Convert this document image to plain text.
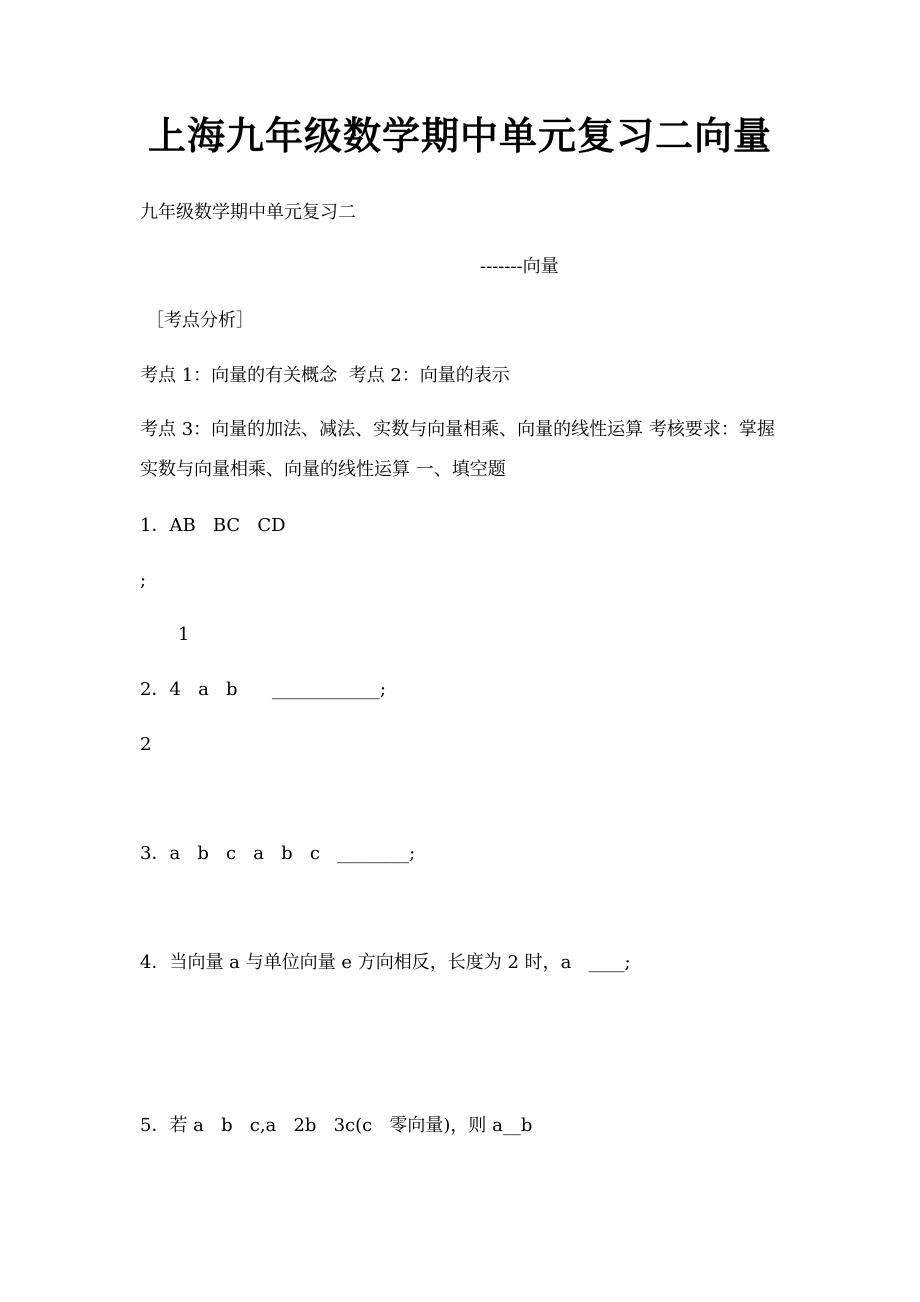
上海九年级数学期中单元复习二向量
九年级数学期中单元复习二
-------向量
［考点分析］
考点 1：向量的有关概念  考点 2：向量的表示
考点 3：向量的加法、减法、实数与向量相乘、向量的线性运算 考核要求：掌握实数与向量相乘、向量的线性运算 一、填空题
1．AB   BC   CD
;
1
2．4   a   b      ____________;
2
3．a   b   c   a   b   c   ________;
4．当向量 a 与单位向量 e 方向相反，长度为 2 时，a   ____;
5．若 a   b   c,a   2b   3c(c   零向量)，则 a__b
